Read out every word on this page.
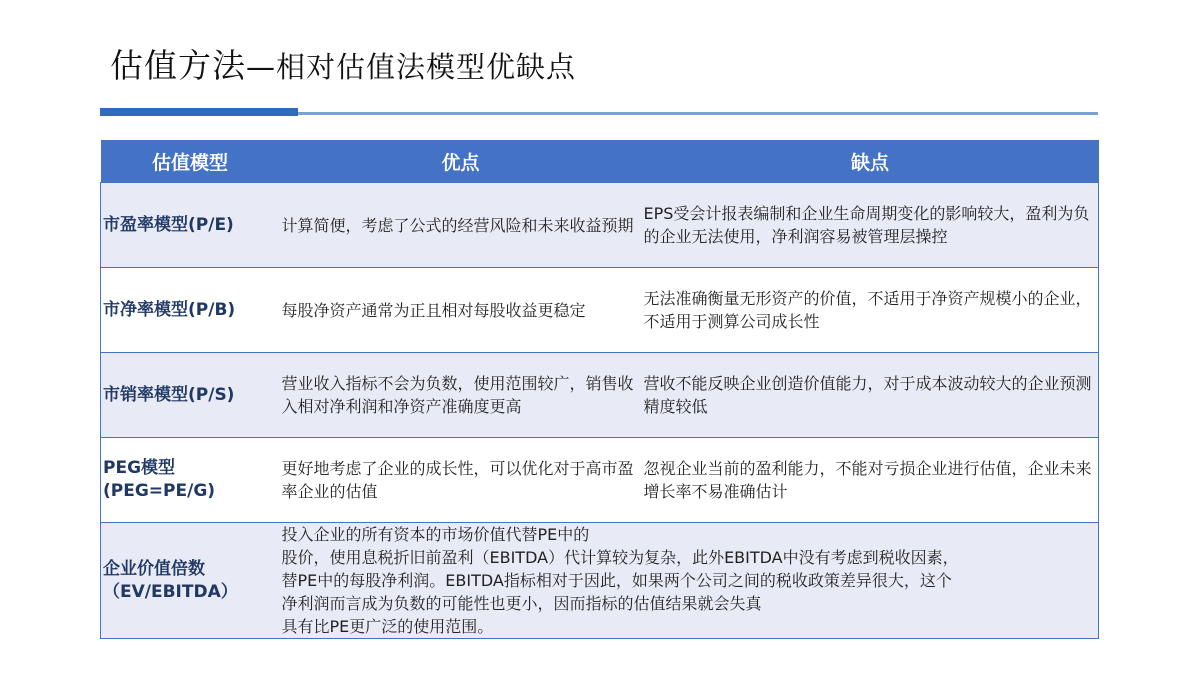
估值方法—相对估值法模型优缺点
估值模型	优点	缺点
市盈率模型(P/E)	计算简便，考虑了公式的经营风险和未来收益预期	EPS受会计报表编制和企业生命周期变化的影响较大，盈利为负的企业无法使用，净利润容易被管理层操控
市净率模型(P/B)	每股净资产通常为正且相对每股收益更稳定	无法准确衡量无形资产的价值，不适用于净资产规模小的企业，不适用于测算公司成长性
市销率模型(P/S)	营业收入指标不会为负数，使用范围较广，销售收入相对净利润和净资产准确度更高	营收不能反映企业创造价值能力，对于成本波动较大的企业预测精度较低

PEG模型
(PEG=PE/G)	更好地考虑了企业的成长性，可以优化对于高市盈率企业的估值	忽视企业当前的盈利能力，不能对亏损企业进行估值，企业未来增长率不易准确估计

企业价值倍数
（EV/EBITDA）	投入企业的所有资本的市场价值代替PE中的
股价，使用息税折旧前盈利（EBITDA）代计算较为复杂，此外EBITDA中没有考虑到税收因素，
替PE中的每股净利润。EBITDA指标相对于因此，如果两个公司之间的税收政策差异很大，这个
净利润而言成为负数的可能性也更小，因而指标的估值结果就会失真
具有比PE更广泛的使用范围。	
